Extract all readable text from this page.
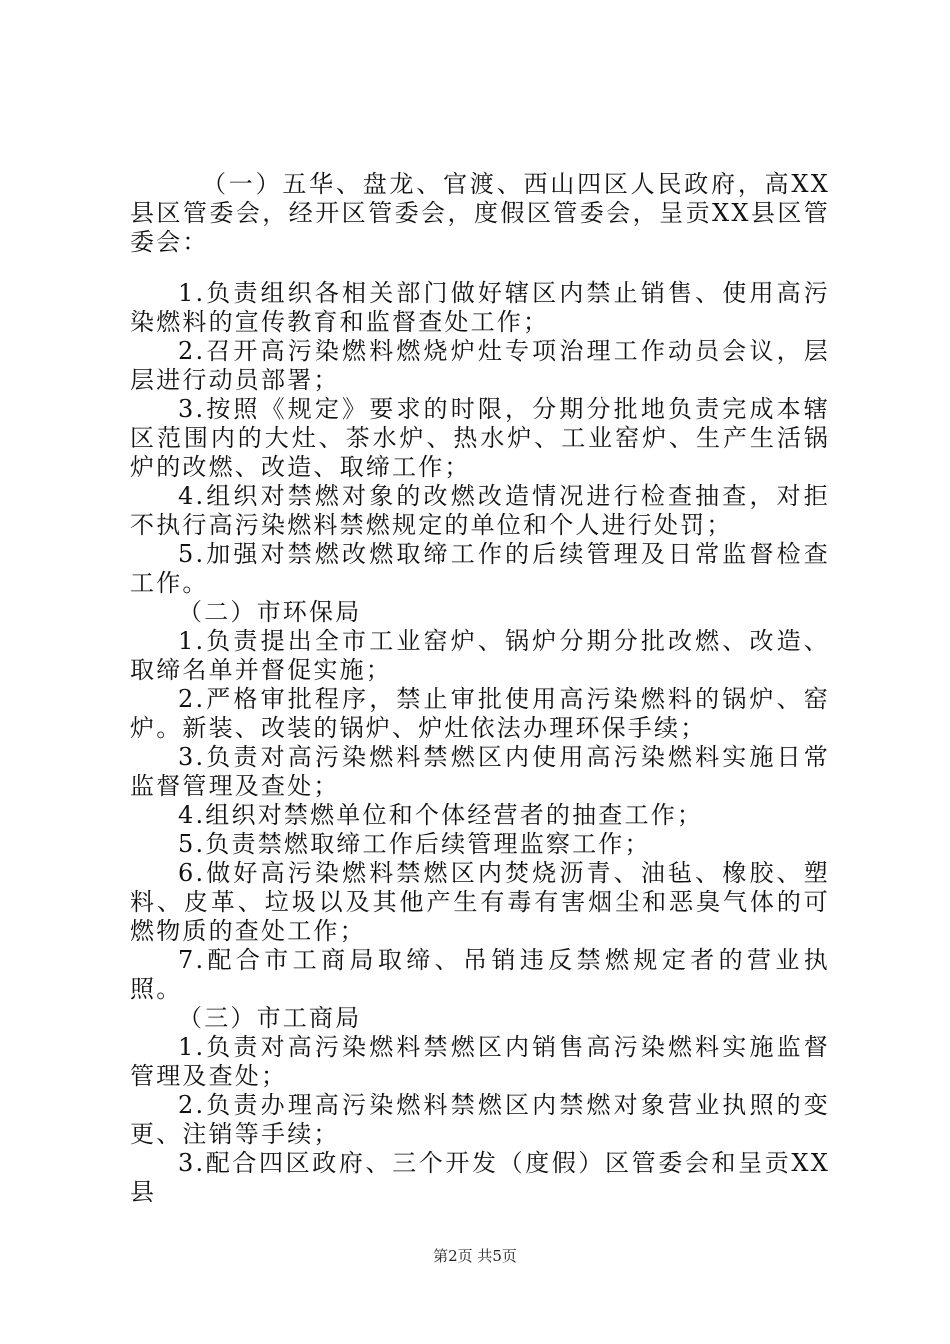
（一）五华、盘龙、官渡、西山四区人民政府，高XX县区管委会，经开区管委会，度假区管委会，呈贡XX县区管委会：

1.负责组织各相关部门做好辖区内禁止销售、使用高污染燃料的宣传教育和监督查处工作；

2.召开高污染燃料燃烧炉灶专项治理工作动员会议，层层进行动员部署；

3.按照《规定》要求的时限，分期分批地负责完成本辖区范围内的大灶、茶水炉、热水炉、工业窑炉、生产生活锅炉的改燃、改造、取缔工作；

4.组织对禁燃对象的改燃改造情况进行检查抽查，对拒不执行高污染燃料禁燃规定的单位和个人进行处罚；

5.加强对禁燃改燃取缔工作的后续管理及日常监督检查工作。

（二）市环保局

1.负责提出全市工业窑炉、锅炉分期分批改燃、改造、取缔名单并督促实施；

2.严格审批程序，禁止审批使用高污染燃料的锅炉、窑炉。新装、改装的锅炉、炉灶依法办理环保手续；

3.负责对高污染燃料禁燃区内使用高污染燃料实施日常监督管理及查处；

4.组织对禁燃单位和个体经营者的抽查工作；

5.负责禁燃取缔工作后续管理监察工作；

6.做好高污染燃料禁燃区内焚烧沥青、油毡、橡胶、塑料、皮革、垃圾以及其他产生有毒有害烟尘和恶臭气体的可燃物质的查处工作；

7.配合市工商局取缔、吊销违反禁燃规定者的营业执照。

（三）市工商局

1.负责对高污染燃料禁燃区内销售高污染燃料实施监督管理及查处；

2.负责办理高污染燃料禁燃区内禁燃对象营业执照的变更、注销等手续；

3.配合四区政府、三个开发（度假）区管委会和呈贡XX县

第2页 共5页
